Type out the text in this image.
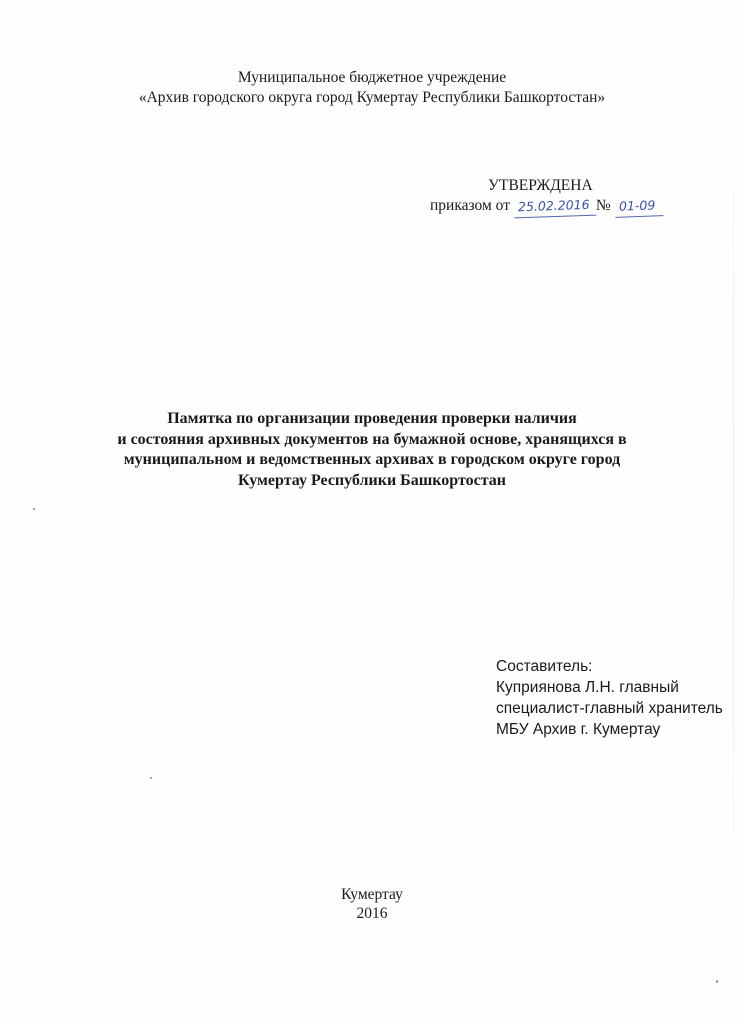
Муниципальное бюджетное учреждение
«Архив городского округа город Кумертау Республики Башкортостан»
УТВЕРЖДЕНА
приказом от 25.02.2016 № 01-09
Памятка по организации проведения проверки наличия
и состояния архивных документов на бумажной основе, хранящихся в
муниципальном и ведомственных архивах в городском округе город
Кумертау Республики Башкортостан
Составитель:
Куприянова Л.Н. главный
специалист-главный хранитель
МБУ Архив г. Кумертау
Кумертау
2016
